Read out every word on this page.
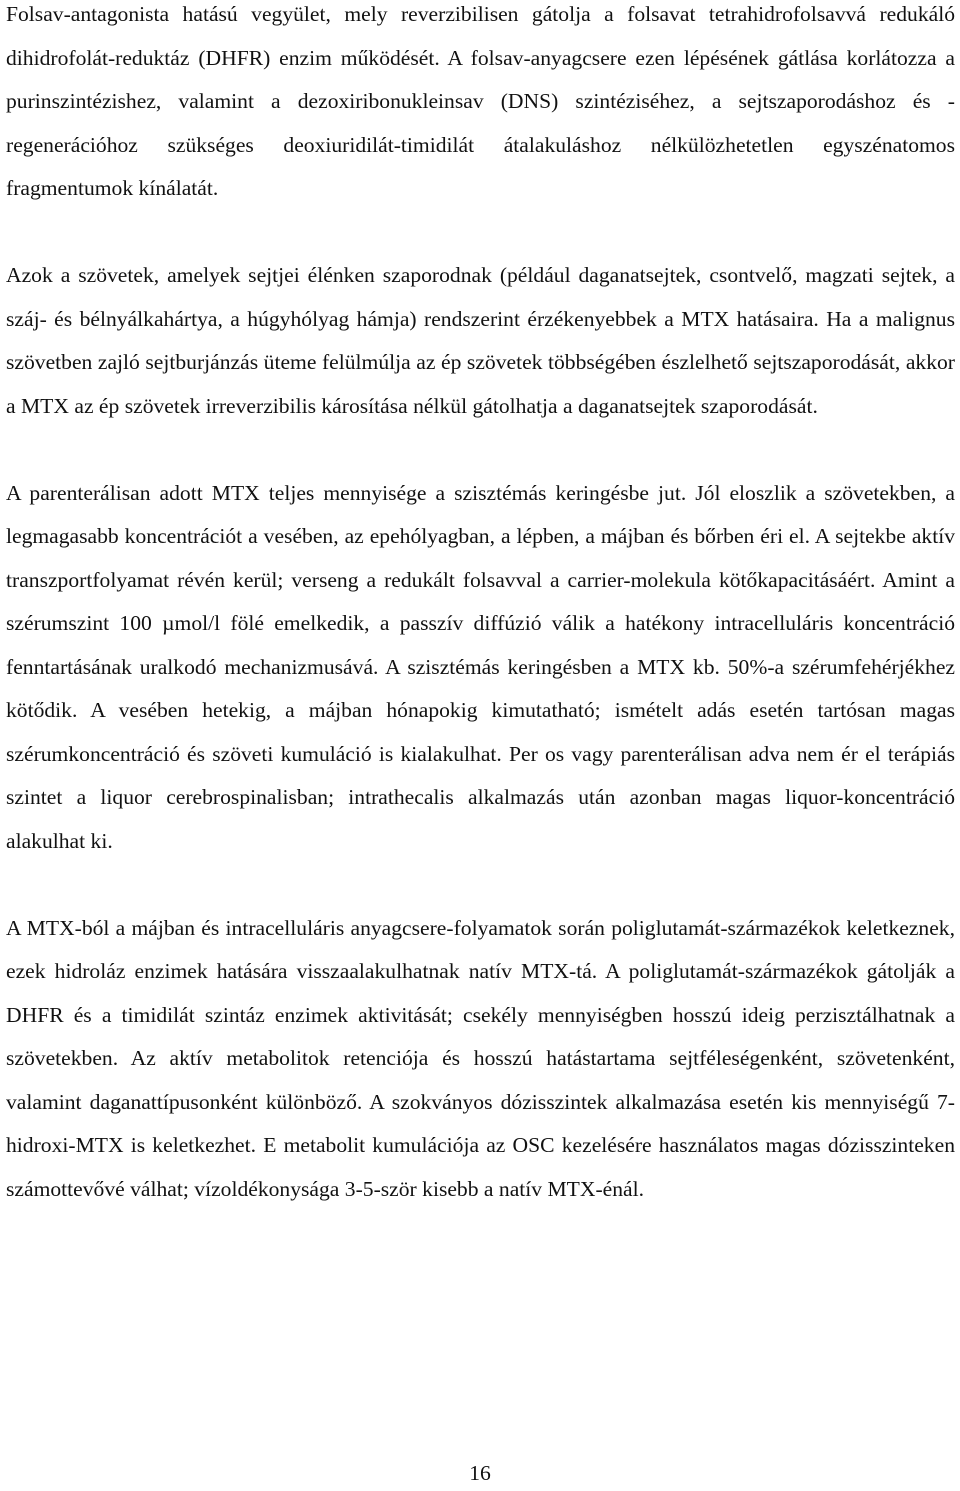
Folsav-antagonista hatású vegyület, mely reverzibilisen gátolja a folsavat tetrahidrofolsavvá redukáló dihidrofolát-reduktáz (DHFR) enzim működését. A folsav-anyagcsere ezen lépésének gátlása korlátozza a purinszintézishez, valamint a dezoxiribonukleinsav (DNS) szintéziséhez, a sejtszaporodáshoz és -regenerációhoz szükséges deoxiuridilát-timidilát átalakuláshoz nélkülözhetetlen egyszénatomos fragmentumok kínálatát.

Azok a szövetek, amelyek sejtjei élénken szaporodnak (például daganatsejtek, csontvelő, magzati sejtek, a száj- és bélnyálkahártya, a húgyhólyag hámja) rendszerint érzékenyebbek a MTX hatásaira. Ha a malignus szövetben zajló sejtburjánzás üteme felülmúlja az ép szövetek többségében észlelhető sejtszaporodását, akkor a MTX az ép szövetek irreverzibilis károsítása nélkül gátolhatja a daganatsejtek szaporodását.

A parenterálisan adott MTX teljes mennyisége a szisztémás keringésbe jut. Jól eloszlik a szövetekben, a legmagasabb koncentrációt a vesében, az epehólyagban, a lépben, a májban és bőrben éri el. A sejtekbe aktív transzportfolyamat révén kerül; verseng a redukált folsavval a carrier-molekula kötőkapacitásáért. Amint a szérumszint 100 µmol/l fölé emelkedik, a passzív diffúzió válik a hatékony intracelluláris koncentráció fenntartásának uralkodó mechanizmusává. A szisztémás keringésben a MTX kb. 50%-a szérumfehérjékhez kötődik. A vesében hetekig, a májban hónapokig kimutatható; ismételt adás esetén tartósan magas szérumkoncentráció és szöveti kumuláció is kialakulhat. Per os vagy parenterálisan adva nem ér el terápiás szintet a liquor cerebrospinalisban; intrathecalis alkalmazás után azonban magas liquor-koncentráció alakulhat ki.

A MTX-ból a májban és intracelluláris anyagcsere-folyamatok során poliglutamát-származékok keletkeznek, ezek hidroláz enzimek hatására visszaalakulhatnak natív MTX-tá. A poliglutamát-származékok gátolják a DHFR és a timidilát szintáz enzimek aktivitását; csekély mennyiségben hosszú ideig perzisztálhatnak a szövetekben. Az aktív metabolitok retenciója és hosszú hatástartama sejtféleségenként, szövetenként, valamint daganattípusonként különböző. A szokványos dózisszintek alkalmazása esetén kis mennyiségű 7-hidroxi-MTX is keletkezhet. E metabolit kumulációja az OSC kezelésére használatos magas dózisszinteken számottevővé válhat; vízoldékonysága 3-5-ször kisebb a natív MTX-énál.

16
